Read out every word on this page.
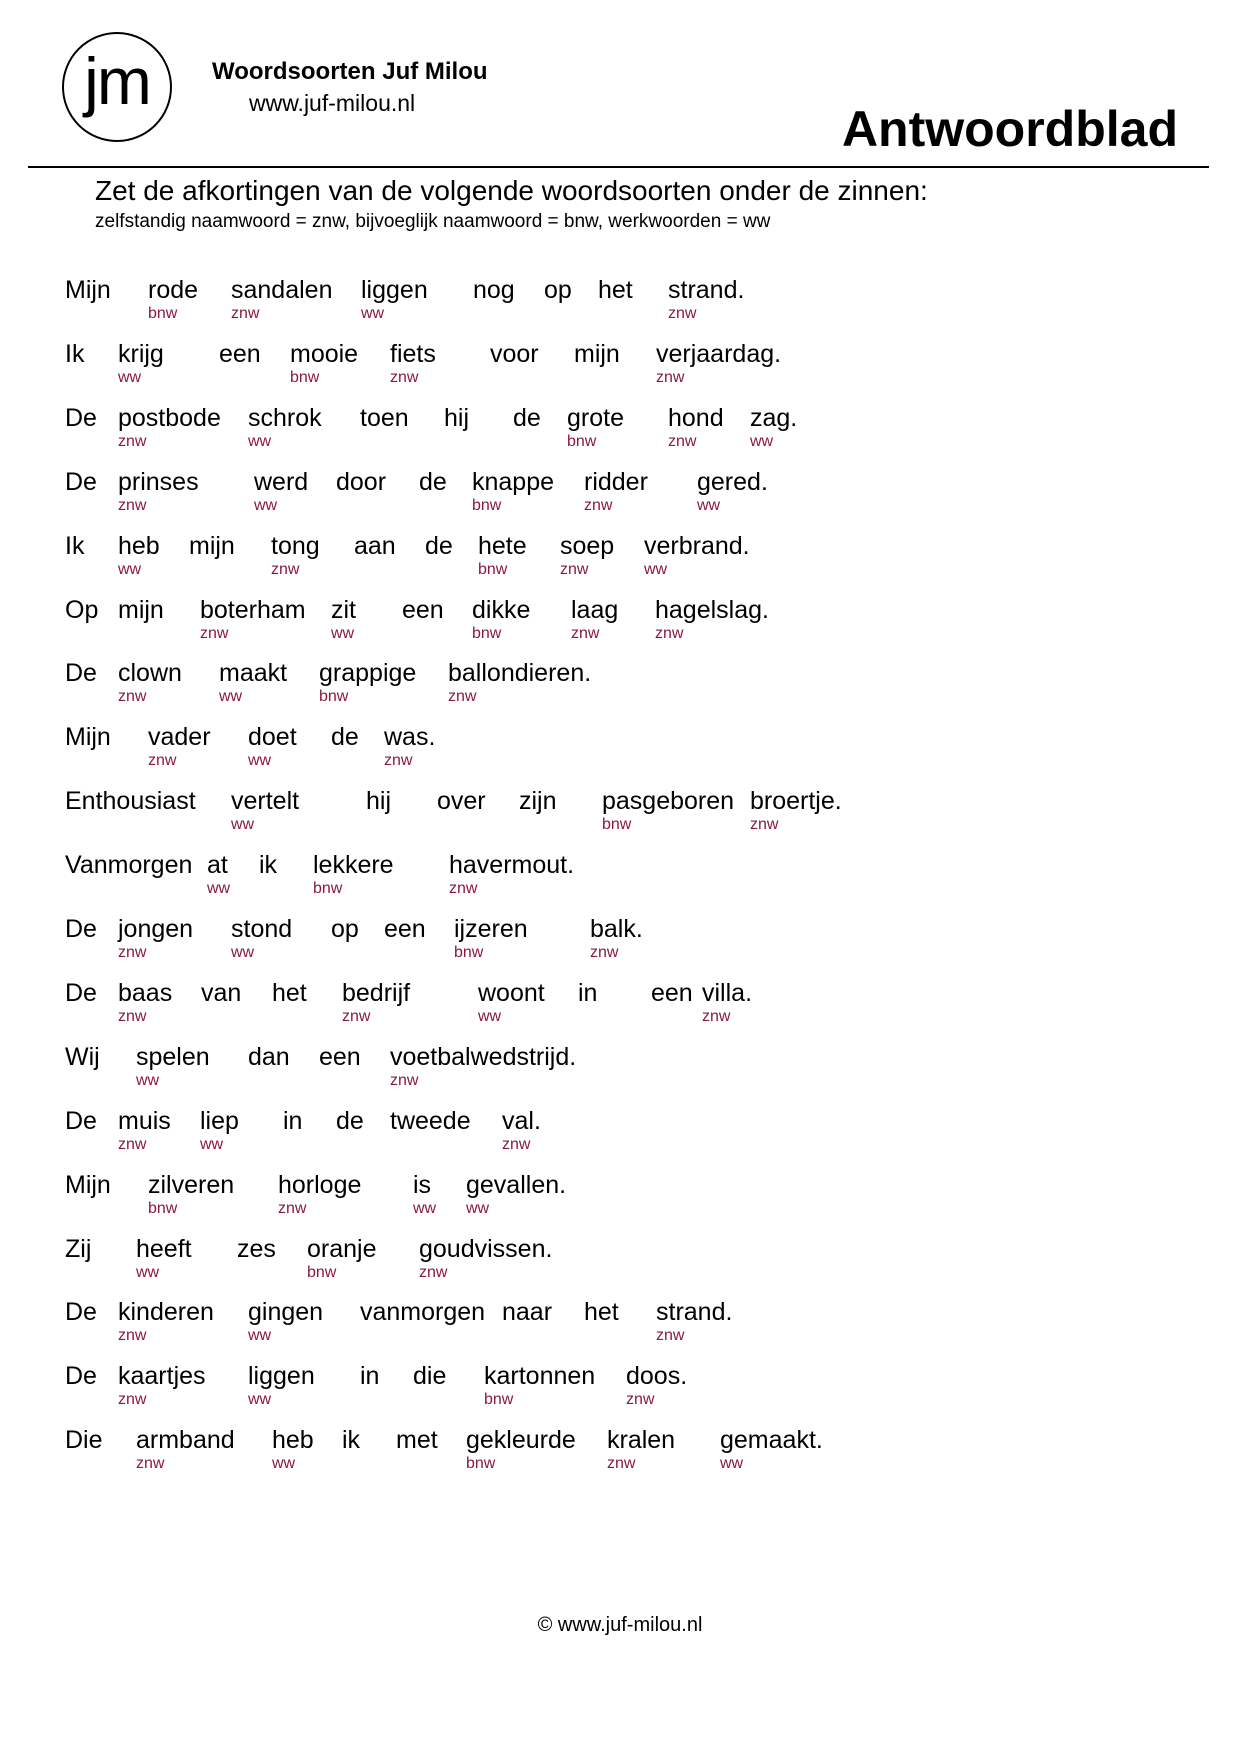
jm	Woordsoorten Juf Milou
www.juf-milou.nl	Antwoordblad
Zet de afkortingen van de volgende woordsoorten onder de zinnen:
zelfstandig naamwoord = znw, bijvoeglijk naamwoord = bnw, werkwoorden = ww
Mijn rode
bnw
sandalen
znw
liggen
ww
nog op het strand.
znw
Ik krijg
ww
een mooie
bnw
fiets
znw
voor mijn verjaardag.
znw
De postbode
znw
schrok
ww
toen hij de grote
bnw
hond
znw
zag.
ww
De prinses
znw
werd
ww
door de knappe
bnw
ridder
znw
gered.
ww
Ik heb
ww
mijn tong
znw
aan de hete
bnw
soep
znw
verbrand.
ww
Op mijn boterham
znw
zit
ww
een dikke
bnw
laag
znw
hagelslag.
znw
De clown
znw
maakt
ww
grappige
bnw
ballondieren.
znw
Mijn vader
znw
doet
ww
de was.
znw
Enthousiast vertelt
ww
hij over zijn pasgeboren
bnw
broertje.
znw
Vanmorgen at
ww
ik lekkere
bnw
havermout.
znw
De jongen
znw
stond
ww
op een ijzeren
bnw
balk.
znw
De baas
znw
van het bedrijf
znw
woont
ww
in een villa.
znw
Wij spelen
ww
dan een voetbalwedstrijd.
znw
De muis
znw
liep
ww
in de tweede val.
znw
Mijn zilveren
bnw
horloge
znw
is
ww
gevallen.
ww
Zij heeft
ww
zes oranje
bnw
goudvissen.
znw
De kinderen
znw
gingen
ww
vanmorgen naar het strand.
znw
De kaartjes
znw
liggen
ww
in die kartonnen
bnw
doos.
znw
Die armband
znw
heb
ww
ik met gekleurde
bnw
kralen
znw
gemaakt.
ww
© www.juf-milou.nl
